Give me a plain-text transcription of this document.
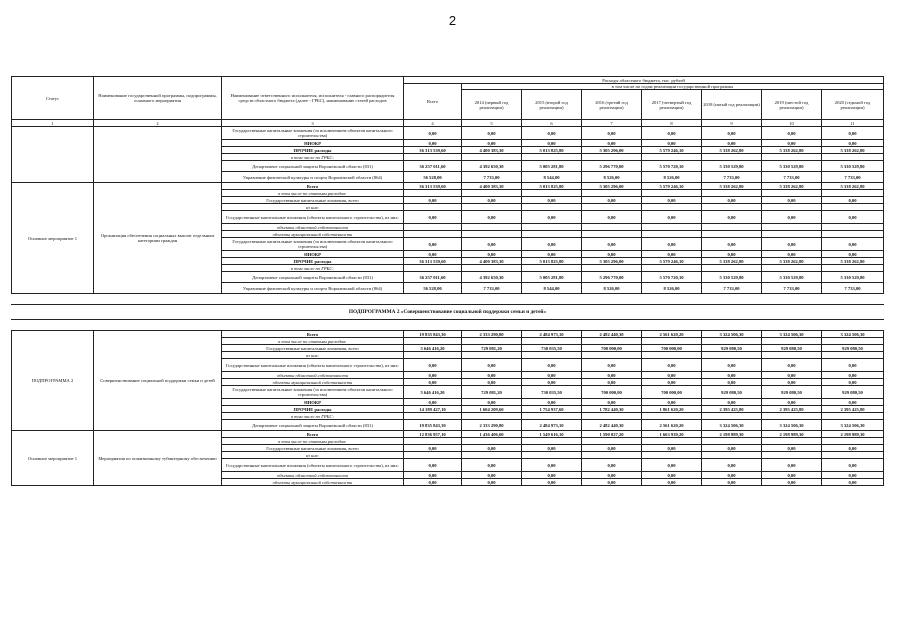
2
Статус	Наименование государственной программы, подпрограммы, основного мероприятия	Наименование ответственного исполнителя, исполнителя - главного распорядителя средств областного бюджета (далее - ГРБС), наименование статей расходов	Расходы областного бюджета, тыс. рублей							
			Всего	в том числе по годам реализации государственной программы						
				2014 (первый год реализации)	2015 (второй год реализации)	2016 (третий год реализации)	2017 (четвертый год реализации)	2018 (пятый год реализации)	2019 (шестой год реализации)	2020 (седьмой год реализации)
1	2	3	4	5	6	7	8	9	10	11
		Государственные капитальные вложения (за исключением объектов капитального строительства)	0,00	0,00	0,00	0,00	0,00	0,00	0,00	0,00
		НИОКР	0,00	0,00	0,00	0,00	0,00	0,00	0,00	0,00
		ПРОЧИЕ расходы	36 313 539,60	4 400 383,30	5 013 825,80	5 305 296,00	5 579 246,10	5 338 262,80	5 338 262,80	5 338 262,80
		в том числе по ГРБС:								
		Департамент социальной защиты Воронежской области (831)	36 257 011,60	4 392 650,30	5 005 281,80	5 296 770,00	5 570 720,10	5 330 529,80	5 330 529,80	5 330 529,80
		Управление физической культуры и спорта Воронежской области (864)	56 528,00	7 733,00	8 544,00	8 526,00	8 526,00	7 733,00	7 733,00	7 733,00
Основное мероприятие 1	Организация обеспечения социальных выплат отдельным категориям граждан	Всего	36 313 539,60	4 400 383,30	5 013 825,80	5 305 296,00	5 579 246,10	5 338 262,80	5 338 262,80	5 338 262,80
		в том числе по статьям расходов:								
		Государственные капитальные вложения, всего	0,00	0,00	0,00	0,00	0,00	0,00	0,00	0,00
		из них:								
		Государственные капитальные вложения (объекты капитального строительства), из них:	0,00	0,00	0,00	0,00	0,00	0,00	0,00	0,00
		объекты областной собственности								
		объекты муниципальной собственности								
		Государственные капитальные вложения (за исключением объектов капитального строительства)	0,00	0,00	0,00	0,00	0,00	0,00	0,00	0,00
		НИОКР	0,00	0,00	0,00	0,00	0,00	0,00	0,00	0,00
		ПРОЧИЕ расходы	36 313 539,60	4 400 383,30	5 013 825,80	5 305 296,00	5 579 246,10	5 338 262,80	5 338 262,80	5 338 262,80
		в том числе по ГРБС:								
		Департамент социальной защиты Воронежской области (831)	36 257 011,60	4 392 650,30	5 005 281,80	5 296 770,00	5 570 720,10	5 330 529,80	5 330 529,80	5 330 529,80
		Управление физической культуры и спорта Воронежской области (864)	56 528,00	7 733,00	8 544,00	8 526,00	8 526,00	7 733,00	7 733,00	7 733,00

ПОДПРОГРАММА 2 «Совершенствование социальной поддержки семьи и детей»										

ПОДПРОГРАММА 2	Совершенствование социальной поддержки семьи и детей	Всего	19 835 843,30	2 333 290,80	2 484 973,10	2 482 440,30	2 561 620,20	3 324 506,30	3 324 506,30	3 324 506,30
		в том числе по статьям расходов:								
		Государственные капитальные вложения, всего	5 646 416,20	729 081,20	730 035,50	700 000,00	700 000,00	929 080,50	929 080,50	929 080,50
		из них:								
		Государственные капитальные вложения (объекты капитального строительства), из них:	0,00	0,00	0,00	0,00	0,00	0,00	0,00	0,00
		объекты областной собственности	0,00	0,00	0,00	0,00	0,00	0,00	0,00	0,00
		объекты муниципальной собственности	0,00	0,00	0,00	0,00	0,00	0,00	0,00	0,00
		Государственные капитальные вложения (за исключением объектов капитального строительства)	5 646 416,20	729 081,20	730 035,50	700 000,00	700 000,00	929 080,50	929 080,50	929 080,50
		НИОКР	0,00	0,00	0,00	0,00	0,00	0,00	0,00	0,00
		ПРОЧИЕ расходы	14 189 427,10	1 604 209,60	1 754 937,60	1 782 440,30	1 861 620,20	2 395 425,80	2 395 425,80	2 395 425,80
		в том числе по ГРБС:								
		Департамент социальной защиты Воронежской области (831)	19 835 843,30	2 333 290,80	2 484 973,10	2 482 440,30	2 561 620,20	3 324 506,30	3 324 506,30	3 324 506,30
Основное мероприятие 1	Мероприятия по пожизненному тубинтерному обеспечению	Всего	12 836 957,10	1 436 406,60	1 549 616,10	1 590 027,20	1 663 939,20	2 198 989,30	2 198 989,30	2 198 989,30
		в том числе по статьям расходов:								
		Государственные капитальные вложения, всего	0,00	0,00	0,00	0,00	0,00	0,00	0,00	0,00
		из них:								
		Государственные капитальные вложения (объекты капитального строительства), из них:	0,00	0,00	0,00	0,00	0,00	0,00	0,00	0,00
		объекты областной собственности	0,00	0,00	0,00	0,00	0,00	0,00	0,00	0,00
		объекты муниципальной собственности	0,00	0,00	0,00	0,00	0,00	0,00	0,00	0,00
